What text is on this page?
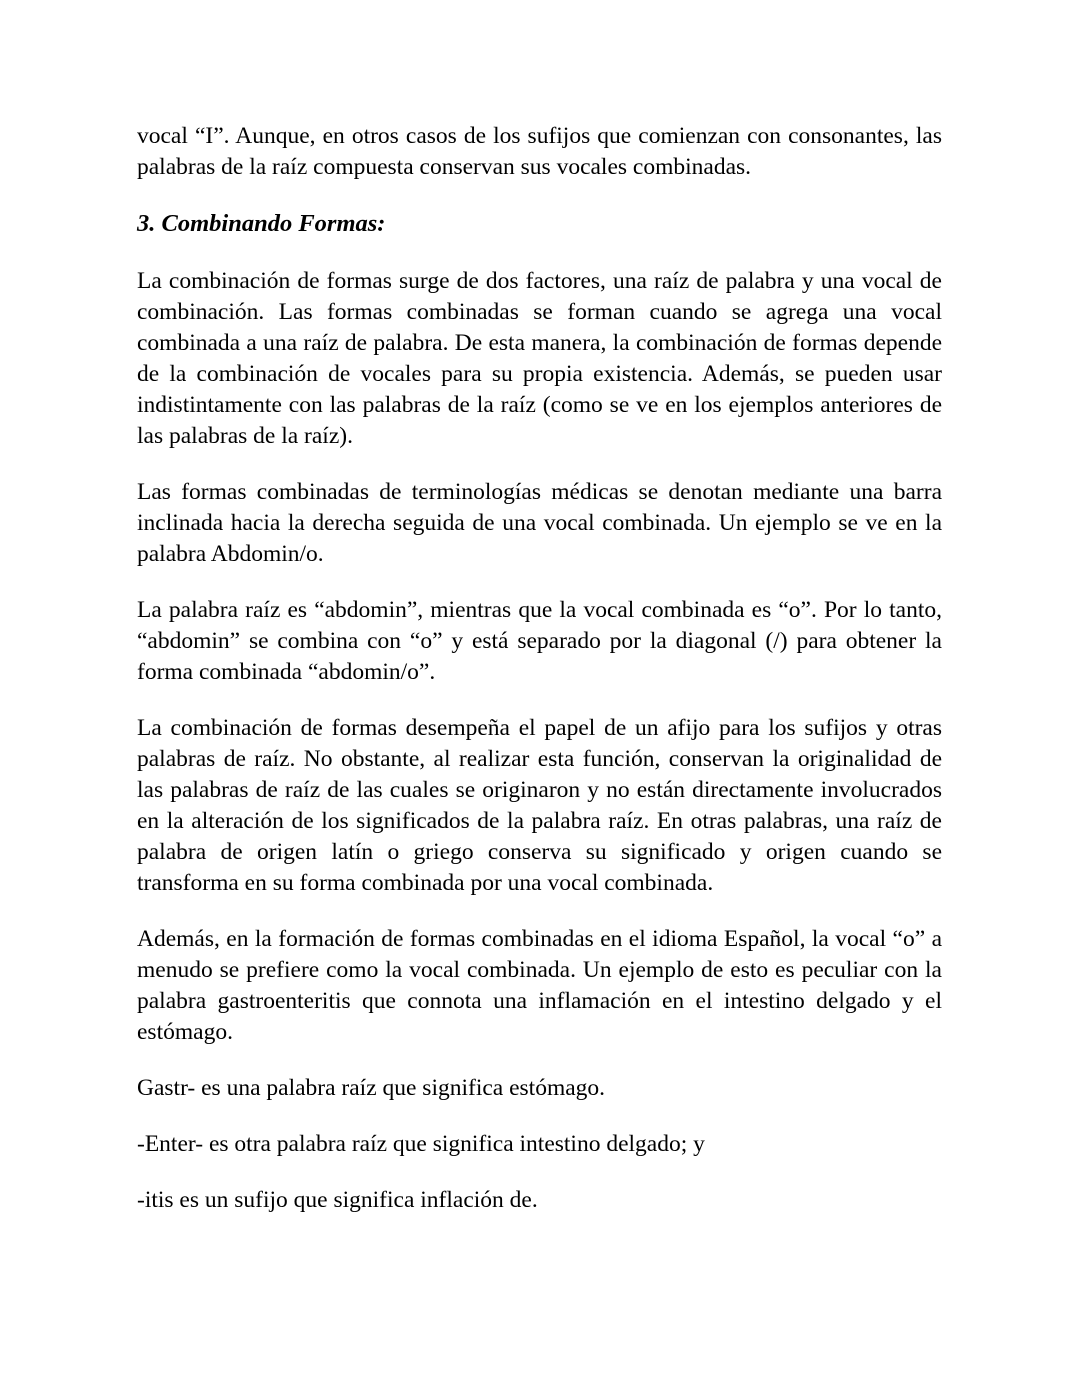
vocal “I”. Aunque, en otros casos de los sufijos que comienzan con consonantes, las palabras de la raíz compuesta conservan sus vocales combinadas.

3. Combinando Formas:

La combinación de formas surge de dos factores, una raíz de palabra y una vocal de combinación. Las formas combinadas se forman cuando se agrega una vocal combinada a una raíz de palabra. De esta manera, la combinación de formas depende de la combinación de vocales para su propia existencia. Además, se pueden usar indistintamente con las palabras de la raíz (como se ve en los ejemplos anteriores de las palabras de la raíz).

Las formas combinadas de terminologías médicas se denotan mediante una barra inclinada hacia la derecha seguida de una vocal combinada. Un ejemplo se ve en la palabra Abdomin/o.

La palabra raíz es “abdomin”, mientras que la vocal combinada es “o”. Por lo tanto, “abdomin” se combina con “o” y está separado por la diagonal (/) para obtener la forma combinada “abdomin/o”.

La combinación de formas desempeña el papel de un afijo para los sufijos y otras palabras de raíz. No obstante, al realizar esta función, conservan la originalidad de las palabras de raíz de las cuales se originaron y no están directamente involucrados en la alteración de los significados de la palabra raíz. En otras palabras, una raíz de palabra de origen latín o griego conserva su significado y origen cuando se transforma en su forma combinada por una vocal combinada.

Además, en la formación de formas combinadas en el idioma Español, la vocal “o” a menudo se prefiere como la vocal combinada. Un ejemplo de esto es peculiar con la palabra gastroenteritis que connota una inflamación en el intestino delgado y el estómago.

Gastr- es una palabra raíz que significa estómago.

-Enter- es otra palabra raíz que significa intestino delgado; y

-itis es un sufijo que significa inflación de.
